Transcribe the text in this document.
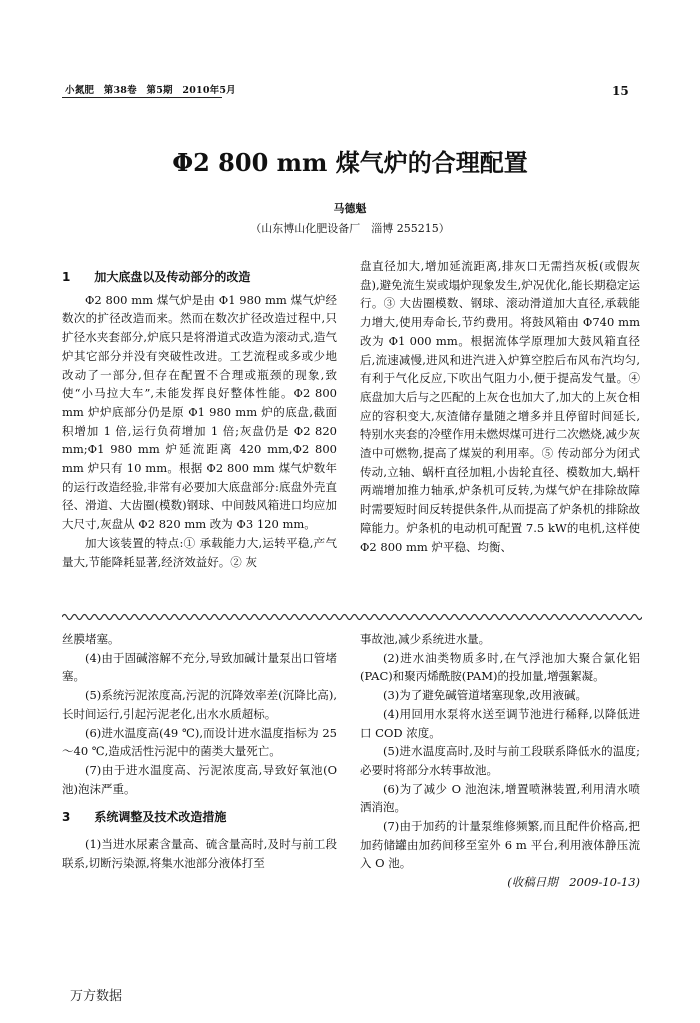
小氮肥　第38卷　第5期　2010年5月	15
Φ2 800 mm 煤气炉的合理配置
马德魁
（山东博山化肥设备厂　淄博 255215）

1　　加大底盘以及传动部分的改造

Φ2 800 mm 煤气炉是由 Φ1 980 mm 煤气炉经数次的扩径改造而来。然而在数次扩径改造过程中,只扩径水夹套部分,炉底只是将滑道式改造为滚动式,造气炉其它部分并没有突破性改进。工艺流程或多或少地改动了一部分,但存在配置不合理或瓶颈的现象,致使“小马拉大车”,未能发挥良好整体性能。Φ2 800 mm 炉炉底部分仍是原 Φ1 980 mm 炉的底盘,截面积增加 1 倍,运行负荷增加 1 倍;灰盘仍是 Φ2 820 mm;Φ1 980 mm 炉延流距离 420 mm,Φ2 800 mm 炉只有 10 mm。根据 Φ2 800 mm 煤气炉数年的运行改造经验,非常有必要加大底盘部分:底盘外壳直径、滑道、大齿圈(模数)钢球、中间鼓风箱进口均应加大尺寸,灰盘从 Φ2 820 mm 改为 Φ3 120 mm。

加大该装置的特点:① 承载能力大,运转平稳,产气量大,节能降耗显著,经济效益好。② 灰

盘直径加大,增加延流距离,排灰口无需挡灰板(或假灰盘),避免流生炭或塌炉现象发生,炉况优化,能长期稳定运行。③ 大齿圈模数、钢球、滚动滑道加大直径,承载能力增大,使用寿命长,节约费用。将鼓风箱由 Φ740 mm 改为 Φ1 000 mm。根据流体学原理加大鼓风箱直径后,流速减慢,进风和进汽进入炉算空腔后布风布汽均匀,有利于气化反应,下吹出气阻力小,便于提高发气量。④ 底盘加大后与之匹配的上灰仓也加大了,加大的上灰仓相应的容积变大,灰渣储存量随之增多并且停留时间延长,特别水夹套的冷壁作用未燃烬煤可进行二次燃烧,减少灰渣中可燃物,提高了煤炭的利用率。⑤ 传动部分为闭式传动,立轴、蜗杆直径加粗,小齿轮直径、模数加大,蜗杆两端增加推力轴承,炉条机可反转,为煤气炉在排除故障时需要短时间反转提供条件,从而提高了炉条机的排除故障能力。炉条机的电动机可配置 7.5 kW的电机,这样使 Φ2 800 mm 炉平稳、均衡、

丝膜堵塞。

(4)由于固碱溶解不充分,导致加碱计量泵出口管堵塞。

(5)系统污泥浓度高,污泥的沉降效率差(沉降比高),长时间运行,引起污泥老化,出水水质超标。

(6)进水温度高(49 ℃),而设计进水温度指标为 25～40 ℃,造成活性污泥中的菌类大量死亡。

(7)由于进水温度高、污泥浓度高,导致好氧池(O 池)泡沫严重。

3　　系统调整及技术改造措施

(1)当进水尿素含量高、硫含量高时,及时与前工段联系,切断污染源,将集水池部分液体打至

事故池,减少系统进水量。

(2)进水油类物质多时,在气浮池加大聚合氯化铝(PAC)和聚丙烯酰胺(PAM)的投加量,增强絮凝。

(3)为了避免碱管道堵塞现象,改用液碱。

(4)用回用水泵将水送至调节池进行稀释,以降低进口 COD 浓度。

(5)进水温度高时,及时与前工段联系降低水的温度;必要时将部分水转事故池。

(6)为了减少 O 池泡沫,增置喷淋装置,利用清水喷洒消泡。

(7)由于加药的计量泵维修频繁,而且配件价格高,把加药储罐由加药间移至室外 6 m 平台,利用液体静压流入 O 池。

(收稿日期　2009-10-13)

万方数据
